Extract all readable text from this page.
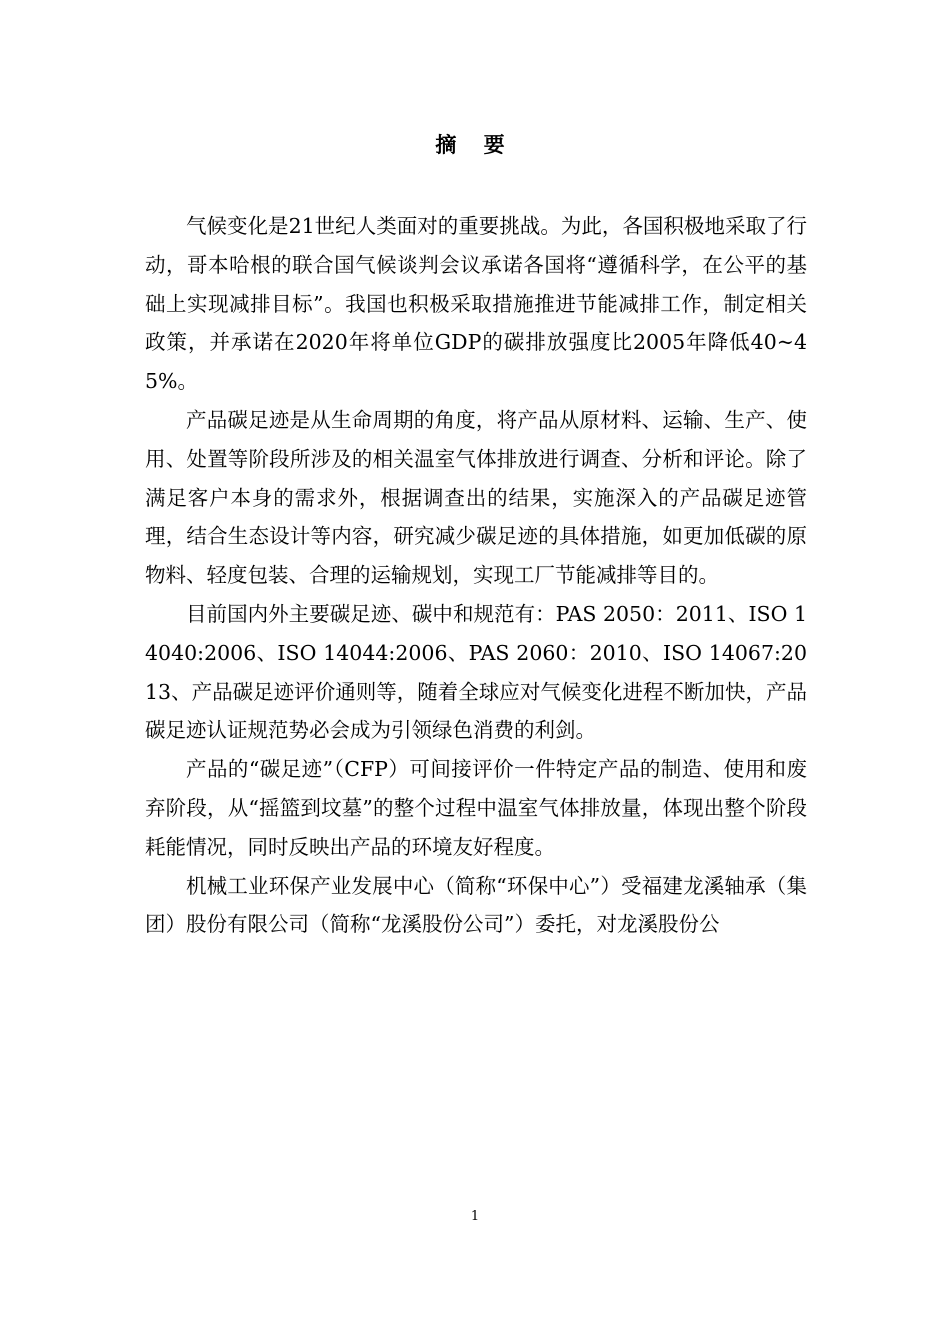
摘 要

气候变化是21世纪人类面对的重要挑战。为此，各国积极地采取了行动，哥本哈根的联合国气候谈判会议承诺各国将“遵循科学，在公平的基础上实现减排目标”。我国也积极采取措施推进节能减排工作，制定相关政策，并承诺在2020年将单位GDP的碳排放强度比2005年降低40~45%。

产品碳足迹是从生命周期的角度，将产品从原材料、运输、生产、使用、处置等阶段所涉及的相关温室气体排放进行调查、分析和评论。除了满足客户本身的需求外，根据调查出的结果，实施深入的产品碳足迹管理，结合生态设计等内容，研究减少碳足迹的具体措施，如更加低碳的原物料、轻度包装、合理的运输规划，实现工厂节能减排等目的。

目前国内外主要碳足迹、碳中和规范有：PAS 2050：2011、ISO 14040:2006、ISO 14044:2006、PAS 2060：2010、ISO 14067:2013、产品碳足迹评价通则等，随着全球应对气候变化进程不断加快，产品碳足迹认证规范势必会成为引领绿色消费的利剑。

产品的“碳足迹”（CFP）可间接评价一件特定产品的制造、使用和废弃阶段，从“摇篮到坟墓”的整个过程中温室气体排放量，体现出整个阶段耗能情况，同时反映出产品的环境友好程度。

机械工业环保产业发展中心（简称“环保中心”）受福建龙溪轴承（集团）股份有限公司（简称“龙溪股份公司”）委托，对龙溪股份公

1
